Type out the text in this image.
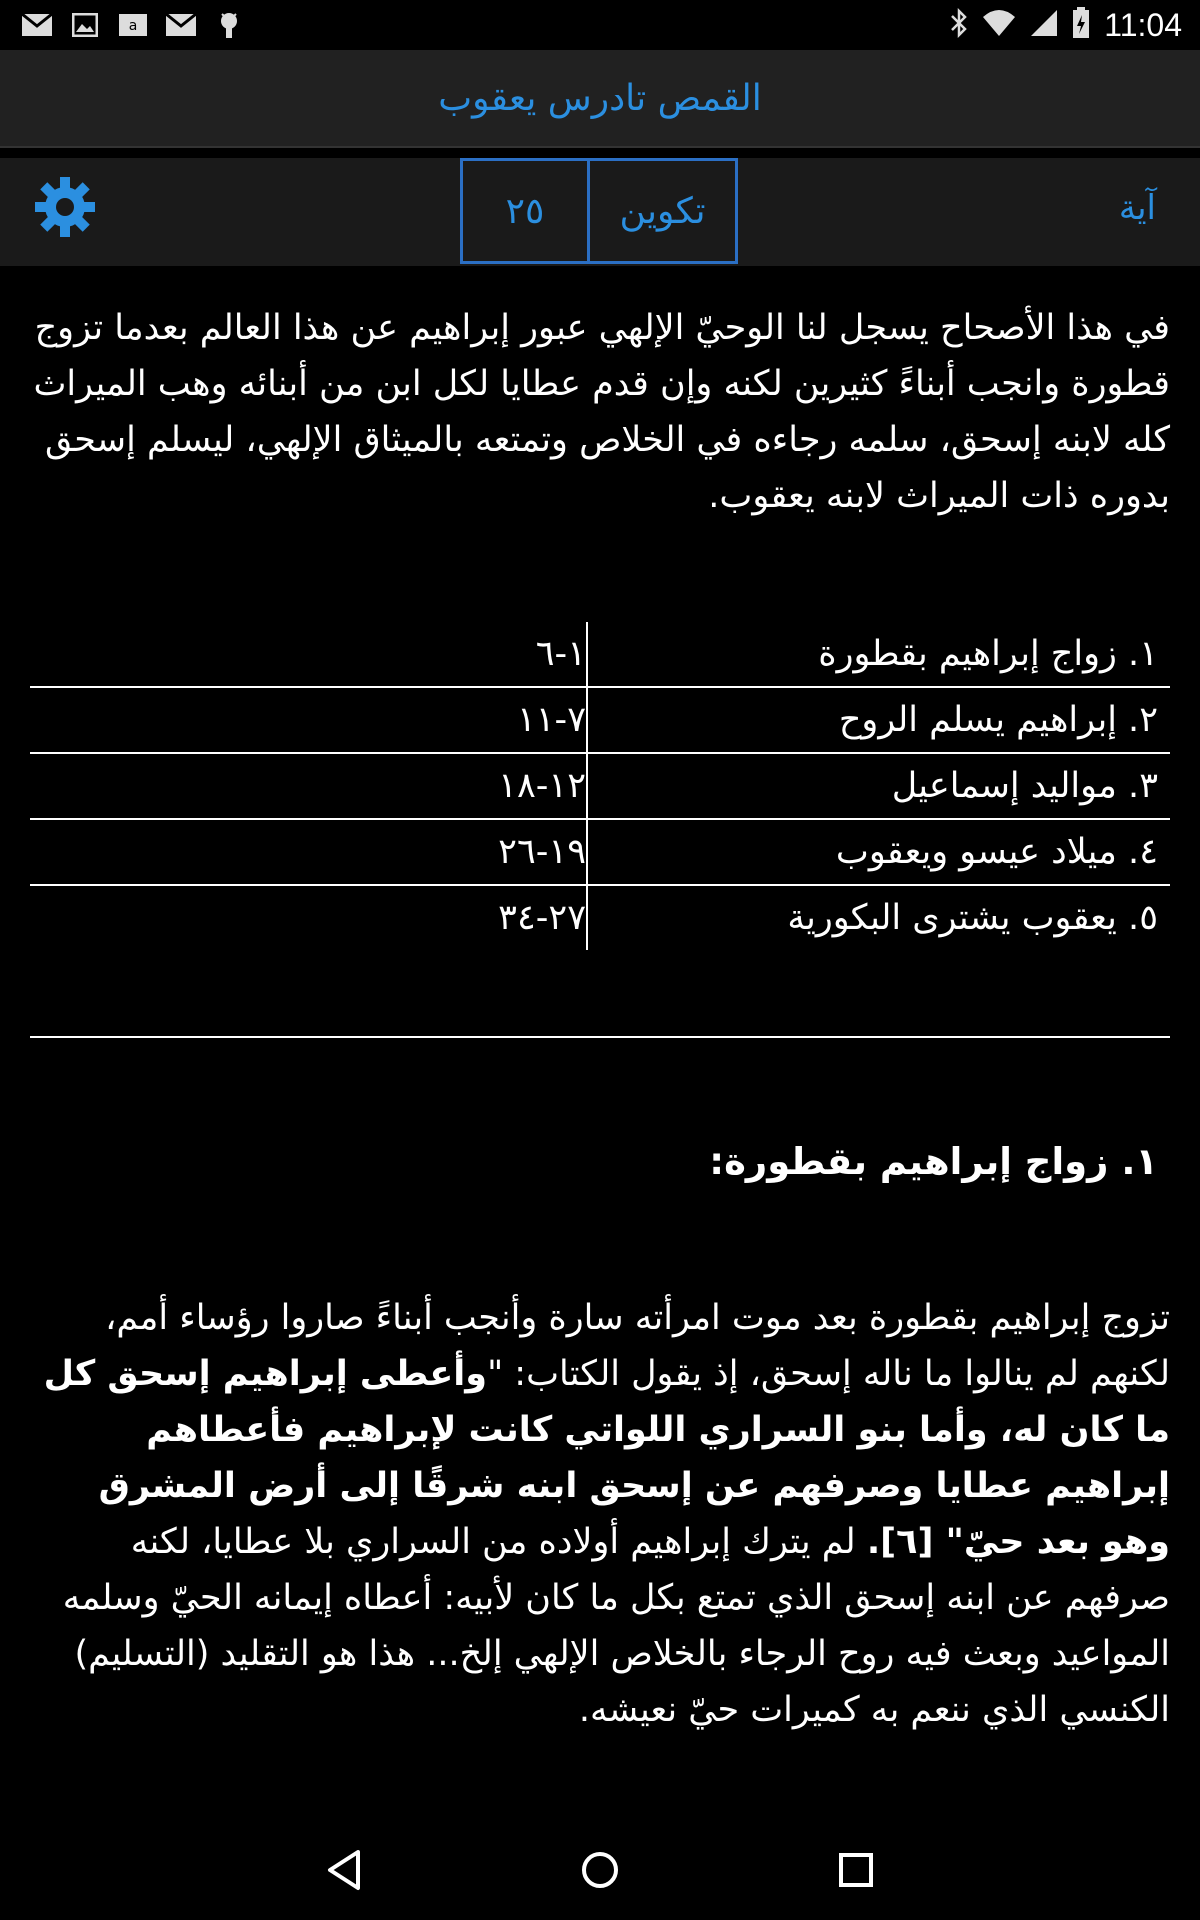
a	11:04
القمص تادرس يعقوب
٢٥	تكوين	آية

في هذا الأصحاح يسجل لنا الوحيّ الإلهي عبور إبراهيم عن هذا العالم بعدما تزوج قطورة وانجب أبناءً كثيرين لكنه وإن قدم عطايا لكل ابن من أبنائه وهب الميراث كله لابنه إسحق، سلمه رجاءه في الخلاص وتمتعه بالميثاق الإلهي، ليسلم إسحق بدوره ذات الميراث لابنه يعقوب.

١. زواج إبراهيم بقطورة	١-٦
٢. إبراهيم يسلم الروح	٧-١١
٣. مواليد إسماعيل	١٢-١٨
٤. ميلاد عيسو ويعقوب	١٩-٢٦
٥. يعقوب يشترى البكورية	٢٧-٣٤
١. زواج إبراهيم بقطورة:

تزوج إبراهيم بقطورة بعد موت امرأته سارة وأنجب أبناءً صاروا رؤساء أمم، لكنهم لم ينالوا ما ناله إسحق، إذ يقول الكتاب: "وأعطى إبراهيم إسحق كل ما كان له، وأما بنو السراري اللواتي كانت لإبراهيم فأعطاهم إبراهيم عطايا وصرفهم عن إسحق ابنه شرقًا إلى أرض المشرق وهو بعد حيّ" [٦]. لم يترك إبراهيم أولاده من السراري بلا عطايا، لكنه صرفهم عن ابنه إسحق الذي تمتع بكل ما كان لأبيه: أعطاه إيمانه الحيّ وسلمه المواعيد وبعث فيه روح الرجاء بالخلاص الإلهي إلخ... هذا هو التقليد (التسليم) الكنسي الذي ننعم به كميرات حيّ نعيشه.
